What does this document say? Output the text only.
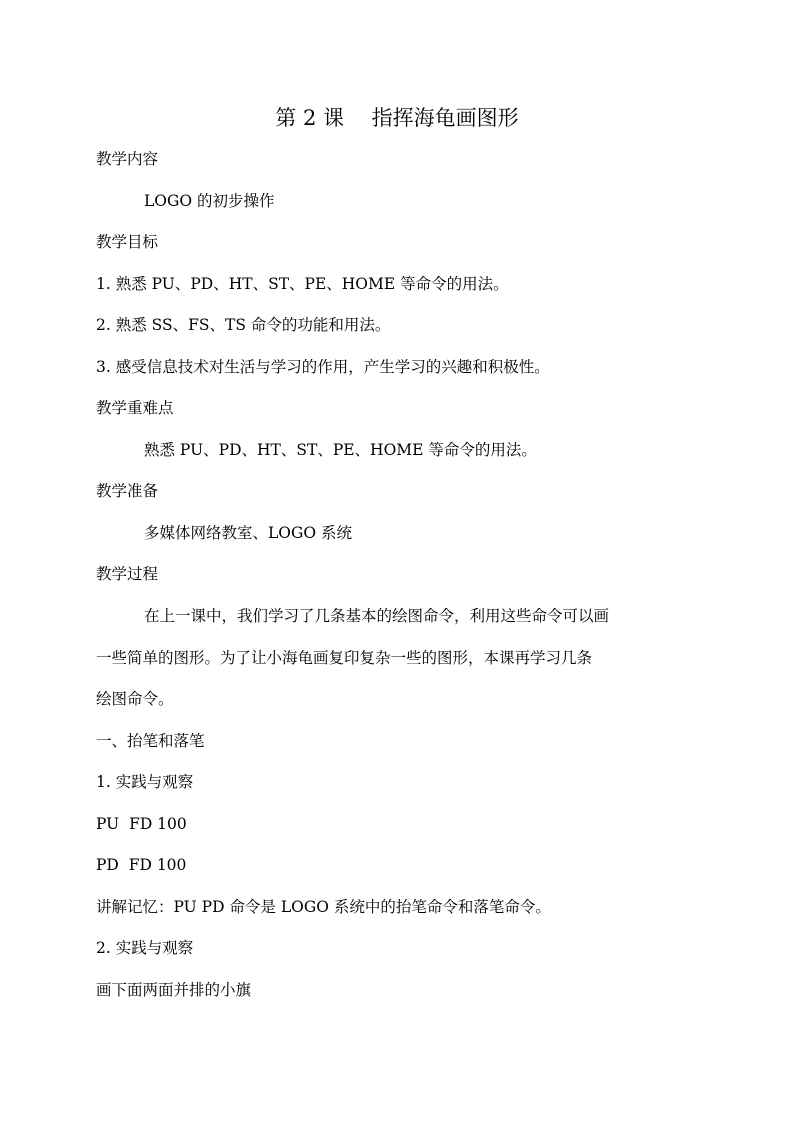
第 2 课　 指挥海龟画图形
教学内容
LOGO 的初步操作
教学目标
1. 熟悉 PU、PD、HT、ST、PE、HOME 等命令的用法。
2. 熟悉 SS、FS、TS 命令的功能和用法。
3. 感受信息技术对生活与学习的作用，产生学习的兴趣和积极性。
教学重难点
熟悉 PU、PD、HT、ST、PE、HOME 等命令的用法。
教学准备
多媒体网络教室、LOGO 系统
教学过程
在上一课中，我们学习了几条基本的绘图命令，利用这些命令可以画
一些简单的图形。为了让小海龟画复印复杂一些的图形，本课再学习几条
绘图命令。
一、抬笔和落笔
1. 实践与观察
PU  FD 100
PD  FD 100
讲解记忆：PU PD 命令是 LOGO 系统中的抬笔命令和落笔命令。
2. 实践与观察
画下面两面并排的小旗
